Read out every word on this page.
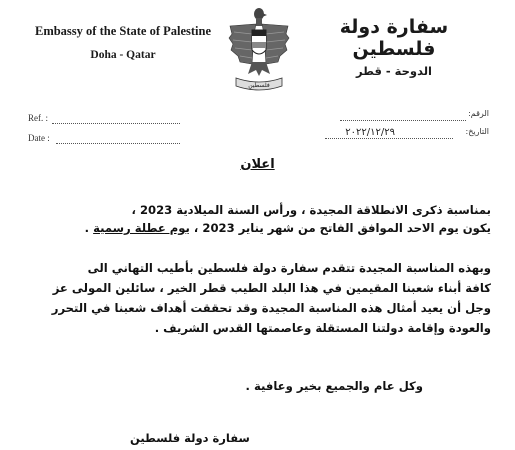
Embassy of the State of Palestine
Doha - Qatar
فلسطين
سفارة دولة فلسطين
الدوحة - قطر
Ref. :
Date :
الرقم:
التاريخ:
٢٠٢٢/١٢/٢٩
اعلان
بمناسبة ذكرى الانطلاقة المجيدة ، ورأس السنة الميلادية 2023 ،
يكون يوم الاحد الموافق الفاتح من شهر يناير 2023 ، يوم عطلة رسمية .
وبهذه المناسبة المجيدة تتقدم سفارة دولة فلسطين بأطيب التهاني الى
كافة أبناء شعبنا المقيمين في هذا البلد الطيب قطر الخير ، سائلين المولى عز
وجل أن يعيد أمثال هذه المناسبة المجيدة وقد تحققت أهداف شعبنا في التحرر
والعودة وإقامة دولتنا المستقلة وعاصمتها القدس الشريف .
وكل عام والجميع بخير وعافية .
سفارة دولة فلسطين
